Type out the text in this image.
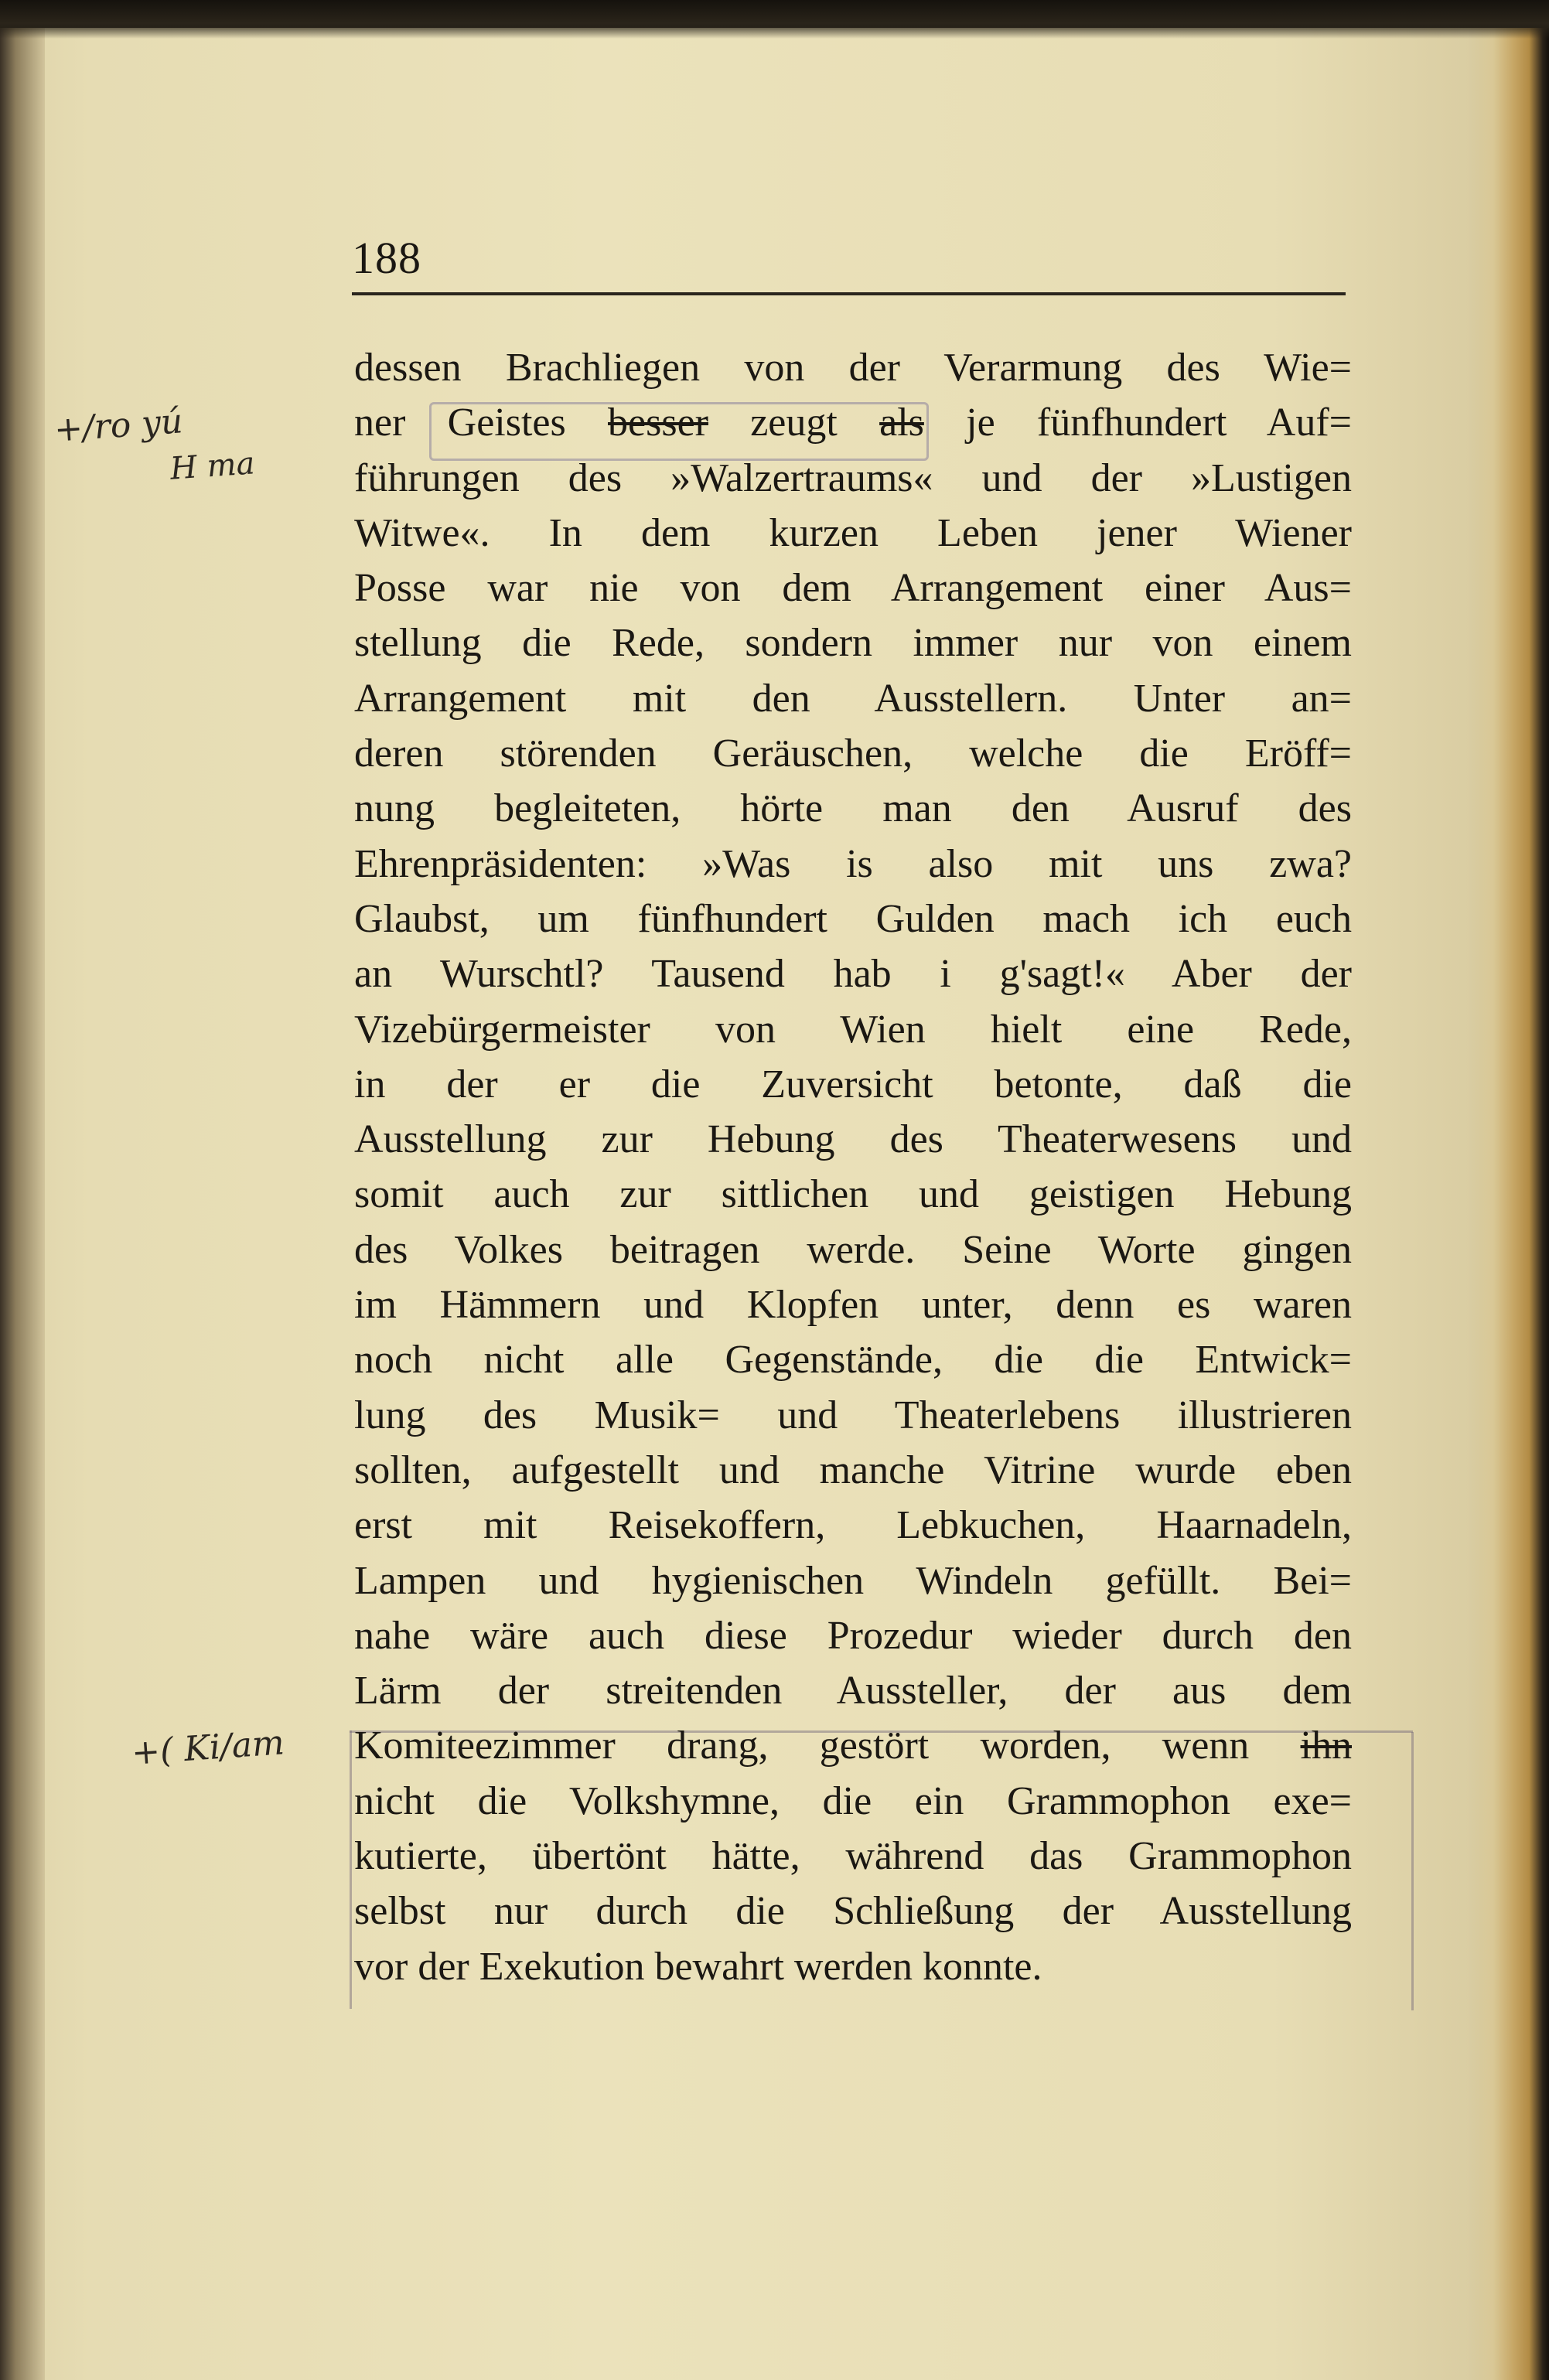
188
+/ro yú
H ma
+( Ki/am
dessen Brachliegen von der Verarmung des Wie=
ner Geistes besser zeugt als je fünfhundert Auf=
führungen des »Walzertraums« und der »Lustigen
Witwe«. In dem kurzen Leben jener Wiener
Posse war nie von dem Arrangement einer Aus=
stellung die Rede, sondern immer nur von einem
Arrangement mit den Ausstellern. Unter an=
deren störenden Geräuschen, welche die Eröff=
nung begleiteten, hörte man den Ausruf des
Ehrenpräsidenten: »Was is also mit uns zwa?
Glaubst, um fünfhundert Gulden mach ich euch
an Wurschtl? Tausend hab i g'sagt!« Aber der
Vizebürgermeister von Wien hielt eine Rede,
in der er die Zuversicht betonte, daß die
Ausstellung zur Hebung des Theaterwesens und
somit auch zur sittlichen und geistigen Hebung
des Volkes beitragen werde. Seine Worte gingen
im Hämmern und Klopfen unter, denn es waren
noch nicht alle Gegenstände, die die Entwick=
lung des Musik= und Theaterlebens illustrieren
sollten, aufgestellt und manche Vitrine wurde eben
erst mit Reisekoffern, Lebkuchen, Haarnadeln,
Lampen und hygienischen Windeln gefüllt. Bei=
nahe wäre auch diese Prozedur wieder durch den
Lärm der streitenden Aussteller, der aus dem
Komiteezimmer drang, gestört worden, wenn ihn
nicht die Volkshymne, die ein Grammophon exe=
kutierte, übertönt hätte, während das Grammophon
selbst nur durch die Schließung der Ausstellung
vor der Exekution bewahrt werden konnte.
